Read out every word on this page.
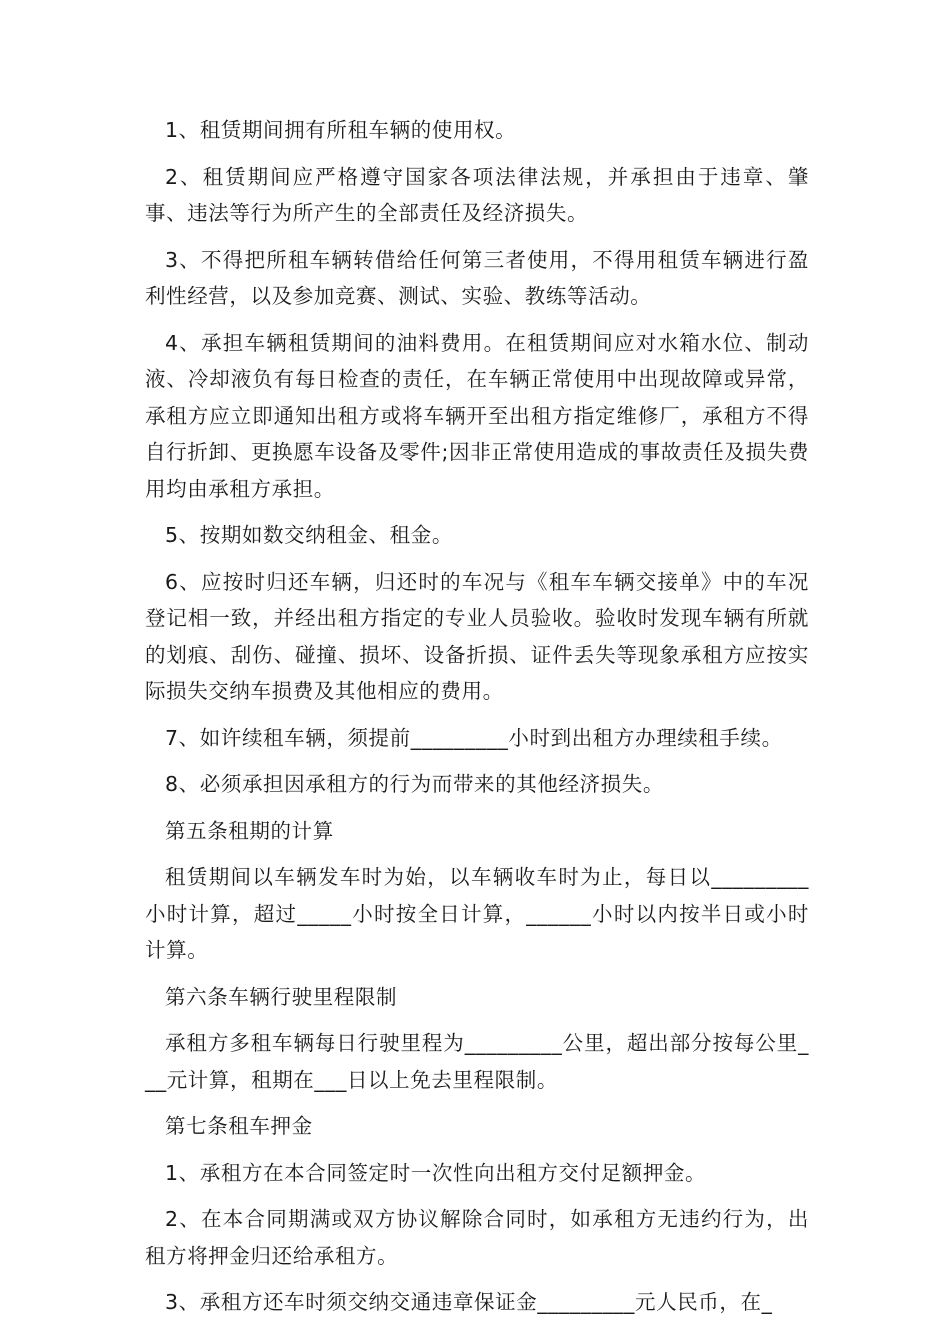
1、租赁期间拥有所租车辆的使用权。

2、租赁期间应严格遵守国家各项法律法规，并承担由于违章、肇事、违法等行为所产生的全部责任及经济损失。

3、不得把所租车辆转借给任何第三者使用，不得用租赁车辆进行盈利性经营，以及参加竞赛、测试、实验、教练等活动。

4、承担车辆租赁期间的油料费用。在租赁期间应对水箱水位、制动液、冷却液负有每日检查的责任，在车辆正常使用中出现故障或异常，承租方应立即通知出租方或将车辆开至出租方指定维修厂，承租方不得自行折卸、更换愿车设备及零件;因非正常使用造成的事故责任及损失费用均由承租方承担。

5、按期如数交纳租金、租金。

6、应按时归还车辆，归还时的车况与《租车车辆交接单》中的车况登记相一致，并经出租方指定的专业人员验收。验收时发现车辆有所就的划痕、刮伤、碰撞、损坏、设备折损、证件丢失等现象承租方应按实际损失交纳车损费及其他相应的费用。

7、如许续租车辆，须提前_________小时到出租方办理续租手续。

8、必须承担因承租方的行为而带来的其他经济损失。

第五条租期的计算

租赁期间以车辆发车时为始，以车辆收车时为止，每日以_________小时计算，超过_____小时按全日计算，______小时以内按半日或小时计算。

第六条车辆行驶里程限制

承租方多租车辆每日行驶里程为_________公里，超出部分按每公里___元计算，租期在___日以上免去里程限制。

第七条租车押金

1、承租方在本合同签定时一次性向出租方交付足额押金。

2、在本合同期满或双方协议解除合同时，如承租方无违约行为，出租方将押金归还给承租方。

3、承租方还车时须交纳交通违章保证金_________元人民币，在_
